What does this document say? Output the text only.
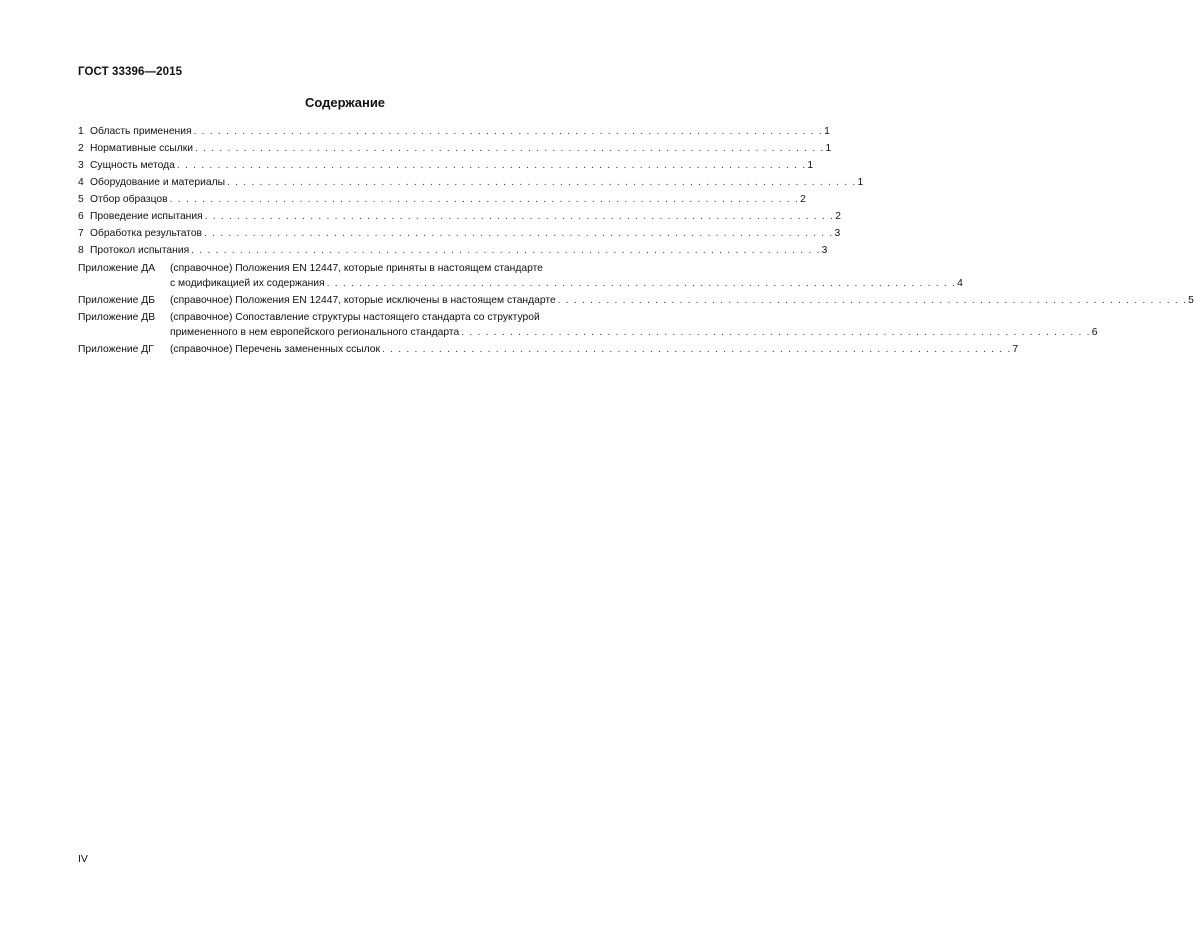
ГОСТ 33396—2015
Содержание
1 Область применения . . .	1
2 Нормативные ссылки . . .	1
3 Сущность метода . . .	1
4 Оборудование и материалы . . .	1
5 Отбор образцов . . .	2
6 Проведение испытания . . .	2
7 Обработка результатов . . .	3
8 Протокол испытания . . .	3
Приложение ДА	(справочное) Положения EN 12447, которые приняты в настоящем стандарте
с модификацией их содержания . . .	4
Приложение ДБ	(справочное) Положения EN 12447, которые исключены в настоящем стандарте . . .	5
Приложение ДВ	(справочное) Сопоставление структуры настоящего стандарта со структурой
примененного в нем европейского регионального стандарта . . .	6
Приложение ДГ	(справочное) Перечень замененных ссылок . . .	7
IV
